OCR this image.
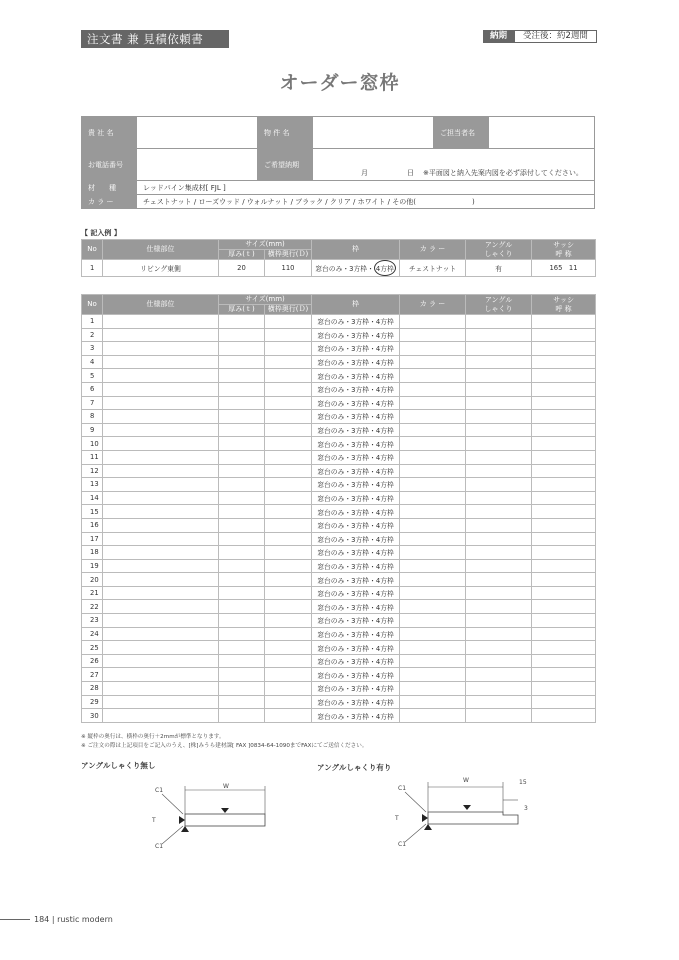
注文書 兼 見積依頼書	納期	受注後：約2週間
オーダー窓枠
貴 社 名		物 件 名		ご担当者名	
お電話番号		ご希望納期	月 日 ※平面図と納入先案内図を必ず添付してください。		

材　　種	レッドパイン集成材[ FJL ]				
カ ラ ー	チェストナット / ローズウッド / ウォルナット / ブラック / クリア / ホワイト / その他(　　　　　　　　)				
【 記入例 】
No	仕様部位	サイズ(mm)		枠	カ ラ ー	アングル
しゃくり	サッシ
呼 称
		厚み(ｔ)	横枠奥行(Ｄ)				
1	リビング東側	20	110	窓台のみ・3方枠・ 4方枠	チェストナット	有	165 11
No	仕様部位	サイズ(mm)		枠	カ ラ ー	アングル
しゃくり	サッシ
呼 称
		厚み(ｔ)	横枠奥行(Ｄ)				
1				窓台のみ・3方枠・4方枠			
2				窓台のみ・3方枠・4方枠			
3				窓台のみ・3方枠・4方枠			
4				窓台のみ・3方枠・4方枠			
5				窓台のみ・3方枠・4方枠			
6				窓台のみ・3方枠・4方枠			
7				窓台のみ・3方枠・4方枠			
8				窓台のみ・3方枠・4方枠			
9				窓台のみ・3方枠・4方枠			
10				窓台のみ・3方枠・4方枠			
11				窓台のみ・3方枠・4方枠			
12				窓台のみ・3方枠・4方枠			
13				窓台のみ・3方枠・4方枠			
14				窓台のみ・3方枠・4方枠			
15				窓台のみ・3方枠・4方枠			
16				窓台のみ・3方枠・4方枠			
17				窓台のみ・3方枠・4方枠			
18				窓台のみ・3方枠・4方枠			
19				窓台のみ・3方枠・4方枠			
20				窓台のみ・3方枠・4方枠			
21				窓台のみ・3方枠・4方枠			
22				窓台のみ・3方枠・4方枠			
23				窓台のみ・3方枠・4方枠			
24				窓台のみ・3方枠・4方枠			
25				窓台のみ・3方枠・4方枠			
26				窓台のみ・3方枠・4方枠			
27				窓台のみ・3方枠・4方枠			
28				窓台のみ・3方枠・4方枠			
29				窓台のみ・3方枠・4方枠			
30				窓台のみ・3方枠・4方枠			
※ 縦枠の奥行は、横枠の奥行＋2mmが標準となります。
※ ご注文の際は上記項目をご記入のうえ、[株]みうら建材課[ FAX ]0834-64-1090までFAXにてご送信ください。
アングルしゃくり無し	アングルしゃくり有り
W
C1
C1
T
W	15
3
C1
C1
T
184 | rustic modern
